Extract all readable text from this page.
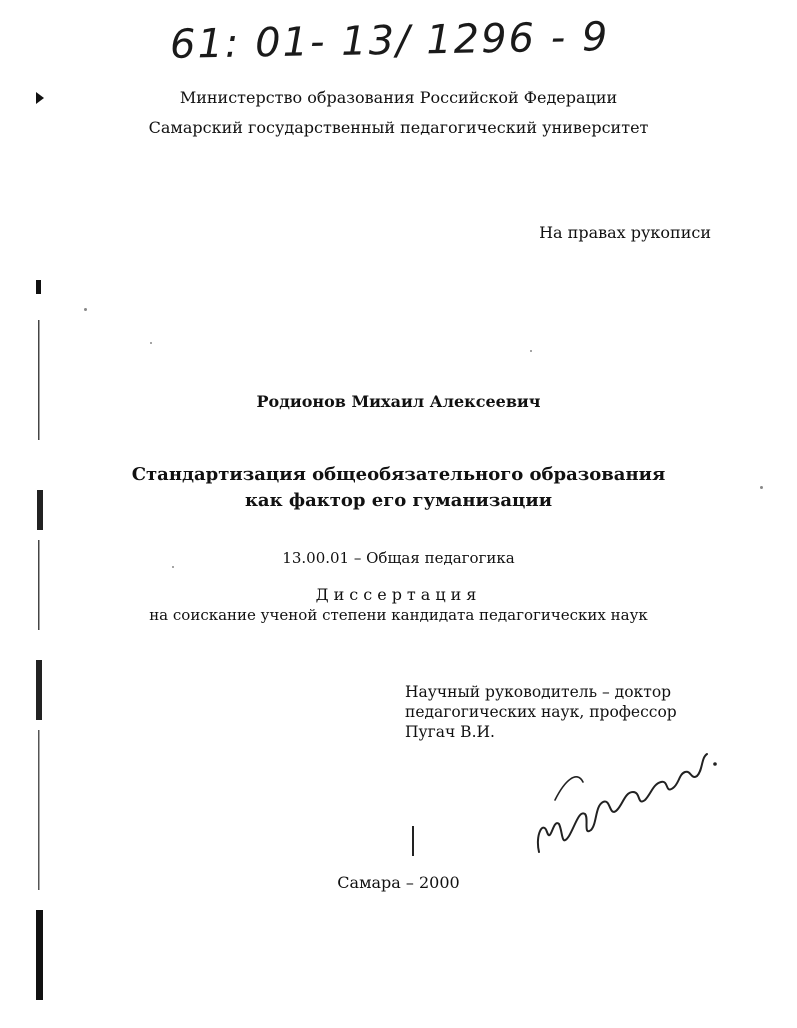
61: 01- 13/ 1296 - 9
Министерство образования Российской Федерации
Самарский государственный педагогический университет
На правах рукописи
Родионов Михаил Алексеевич
Стандартизация общеобязательного образования
как фактор его гуманизации
13.00.01 – Общая педагогика
Диссертация
на соискание ученой степени кандидата педагогических наук
Научный руководитель – доктор
педагогических наук, профессор
Пугач В.И.
Самара – 2000
